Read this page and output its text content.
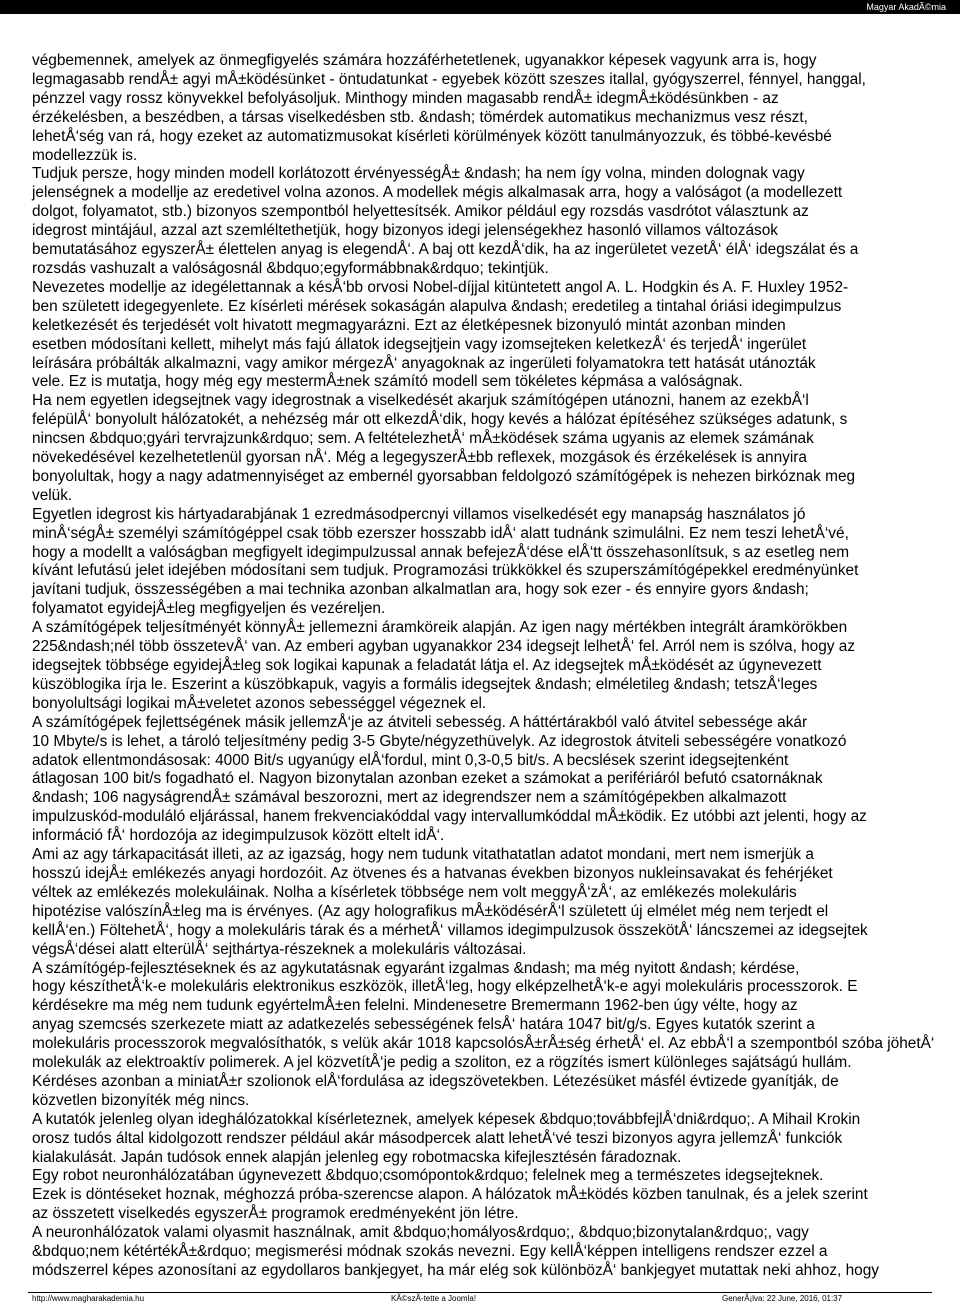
Magyar AkadÃ©mia

végbemennek, amelyek az önmegfigyelés számára hozzáférhetetlenek, ugyanakkor képesek vagyunk arra is, hogy

legmagasabb rendÅ± agyi mÅ±ködésünket - öntudatunkat - egyebek között szeszes itallal, gyógyszerrel, fénnyel, hanggal,

pénzzel vagy rossz könyvekkel befolyásoljuk. Minthogy minden magasabb rendÅ± idegmÅ±ködésünkben - az

érzékelésben, a beszédben, a társas viselkedésben stb. &ndash; tömérdek automatikus mechanizmus vesz részt,

lehetÅ‘ség van rá, hogy ezeket az automatizmusokat kísérleti körülmények között tanulmányozzuk, és többé-kevésbé

modellezzük is.

Tudjuk persze, hogy minden modell korlátozott érvényességÅ± &ndash; ha nem így volna, minden dolognak vagy

jelenségnek a modellje az eredetivel volna azonos. A modellek mégis alkalmasak arra, hogy a valóságot (a modellezett

dolgot, folyamatot, stb.) bizonyos szempontból helyettesítsék. Amikor például egy rozsdás vasdrótot választunk az

idegrost mintájául, azzal azt szemléltethetjük, hogy bizonyos idegi jelenségekhez hasonló villamos változások

bemutatásához egyszerÅ± élettelen anyag is elegendÅ‘. A baj ott kezdÅ‘dik, ha az ingerületet vezetÅ‘ élÅ‘ idegszálat és a

rozsdás vashuzalt a valóságosnál &bdquo;egyformábbnak&rdquo; tekintjük.

Nevezetes modellje az idegélettannak a késÅ‘bb orvosi Nobel-díjjal kitüntetett angol A. L. Hodgkin és A. F. Huxley 1952-

ben született idegegyenlete. Ez kísérleti mérések sokaságán alapulva &ndash; eredetileg a tintahal óriási idegimpulzus

keletkezését és terjedését volt hivatott megmagyarázni. Ezt az életképesnek bizonyuló mintát azonban minden

esetben módosítani kellett, mihelyt más fajú állatok idegsejtjein vagy izomsejteken keletkezÅ‘ és terjedÅ‘ ingerület

leírására próbálták alkalmazni, vagy amikor mérgezÅ‘ anyagoknak az ingerületi folyamatokra tett hatását utánozták

vele. Ez is mutatja, hogy még egy mestermÅ±nek számító modell sem tökéletes képmása a valóságnak.

Ha nem egyetlen idegsejtnek vagy idegrostnak a viselkedését akarjuk számítógépen utánozni, hanem az ezekbÅ‘l

felépülÅ‘ bonyolult hálózatokét, a nehézség már ott elkezdÅ‘dik, hogy kevés a hálózat építéséhez szükséges adatunk, s

nincsen &bdquo;gyári tervrajzunk&rdquo; sem. A feltételezhetÅ‘ mÅ±ködések száma ugyanis az elemek számának

növekedésével kezelhetetlenül gyorsan nÅ‘. Még a legegyszerÅ±bb reflexek, mozgások és érzékelések is annyira

bonyolultak, hogy a nagy adatmennyiséget az embernél gyorsabban feldolgozó számítógépek is nehezen birkóznak meg

velük.

Egyetlen idegrost kis hártyadarabjának 1 ezredmásodpercnyi villamos viselkedését egy manapság használatos jó

minÅ‘ségÅ± személyi számítógéppel csak több ezerszer hosszabb idÅ‘ alatt tudnánk szimulálni. Ez nem teszi lehetÅ‘vé,

hogy a modellt a valóságban megfigyelt idegimpulzussal annak befejezÅ‘dése elÅ‘tt összehasonlítsuk, s az esetleg nem

kívánt lefutású jelet idejében módosítani sem tudjuk. Programozási trükkökkel és szuperszámítógépekkel eredményünket

javítani tudjuk, összességében a mai technika azonban alkalmatlan ara, hogy sok ezer - és ennyire gyors &ndash;

folyamatot egyidejÅ±leg megfigyeljen és vezéreljen.

A számítógépek teljesítményét könnyÅ± jellemezni áramköreik alapján. Az igen nagy mértékben integrált áramkörökben

225&ndash;nél több összetevÅ‘ van. Az emberi agyban ugyanakkor 234 idegsejt lelhetÅ‘ fel. Arról nem is szólva, hogy az

idegsejtek többsége egyidejÅ±leg sok logikai kapunak a feladatát látja el. Az idegsejtek mÅ±ködését az úgynevezett

küszöblogika írja le. Eszerint a küszöbkapuk, vagyis a formális idegsejtek &ndash; elméletileg &ndash; tetszÅ‘leges

bonyolultsági logikai mÅ±veletet azonos sebességgel végeznek el.

A számítógépek fejlettségének másik jellemzÅ‘je az átviteli sebesség. A háttértárakból való átvitel sebessége akár

10 Mbyte/s is lehet, a tároló teljesítmény pedig 3-5 Gbyte/négyzethüvelyk. Az idegrostok átviteli sebességére vonatkozó

adatok ellentmondásosak: 4000 Bit/s ugyanúgy elÅ‘fordul, mint 0,3-0,5 bit/s. A becslések szerint idegsejtenként

átlagosan 100 bit/s fogadható el. Nagyon bizonytalan azonban ezeket a számokat a perifériáról befutó csatornáknak

&ndash; 106 nagyságrendÅ± számával beszorozni, mert az idegrendszer nem a számítógépekben alkalmazott

impulzuskód-moduláló eljárással, hanem frekvenciakóddal vagy intervallumkóddal mÅ±ködik. Ez utóbbi azt jelenti, hogy az

információ fÅ‘ hordozója az idegimpulzusok között eltelt idÅ‘.

Ami az agy tárkapacitását illeti, az az igazság, hogy nem tudunk vitathatatlan adatot mondani, mert nem ismerjük a

hosszú idejÅ± emlékezés anyagi hordozóit. Az ötvenes és a hatvanas években bizonyos nukleinsavakat és fehérjéket

véltek az emlékezés molekuláinak. Nolha a kísérletek többsége nem volt meggyÅ‘zÅ‘, az emlékezés molekuláris

hipotézise valószínÅ±leg ma is érvényes. (Az agy holografikus mÅ±ködésérÅ‘l született új elmélet még nem terjedt el

kellÅ‘en.) FöltehetÅ‘, hogy a molekuláris tárak és a mérhetÅ‘ villamos idegimpulzusok összekötÅ‘ láncszemei az idegsejtek

végsÅ‘dései alatt elterülÅ‘ sejthártya-részeknek a molekuláris változásai.

A számítógép-fejlesztéseknek és az agykutatásnak egyaránt izgalmas &ndash; ma még nyitott &ndash; kérdése,

hogy készíthetÅ‘k-e molekuláris elektronikus eszközök, illetÅ‘leg, hogy elképzelhetÅ‘k-e agyi molekuláris processzorok. E

kérdésekre ma még nem tudunk egyértelmÅ±en felelni. Mindenesetre Bremermann 1962-ben úgy vélte, hogy az

anyag szemcsés szerkezete miatt az adatkezelés sebességének felsÅ‘ határa 1047 bit/g/s. Egyes kutatók szerint a

molekuláris processzorok megvalósíthatók, s velük akár 1018 kapcsolósÅ±rÅ±ség érhetÅ‘ el. Az ebbÅ‘l a szempontból szóba jöhetÅ‘

molekulák az elektroaktív polimerek. A jel közvetítÅ‘je pedig a szoliton, ez a rögzítés ismert különleges sajátságú hullám.

Kérdéses azonban a miniatÅ±r szolionok elÅ‘fordulása az idegszövetekben. Létezésüket másfél évtizede gyanítják, de

közvetlen bizonyíték még nincs.

A kutatók jelenleg olyan ideghálózatokkal kísérleteznek, amelyek képesek &bdquo;továbbfejlÅ‘dni&rdquo;. A Mihail Krokin

orosz tudós által kidolgozott rendszer például akár másodpercek alatt lehetÅ‘vé teszi bizonyos agyra jellemzÅ‘ funkciók

kialakulását. Japán tudósok ennek alapján jelenleg egy robotmacska kifejlesztésén fáradoznak.

Egy robot neuronhálózatában úgynevezett &bdquo;csomópontok&rdquo; felelnek meg a természetes idegsejteknek.

Ezek is döntéseket hoznak, méghozzá próba-szerencse alapon. A hálózatok mÅ±ködés közben tanulnak, és a jelek szerint

az összetett viselkedés egyszerÅ± programok eredményeként jön létre.

A neuronhálózatok valami olyasmit használnak, amit &bdquo;homályos&rdquo;, &bdquo;bizonytalan&rdquo;, vagy

&bdquo;nem kétértékÅ±&rdquo; megismerési módnak szokás nevezni. Egy kellÅ‘képpen intelligens rendszer ezzel a

módszerrel képes azonosítani az egydollaros bankjegyet, ha már elég sok különbözÅ‘ bankjegyet mutattak neki ahhoz, hogy

http://www.magharakademia.hu	KÃ©szÃ-tette a Joomla!	GenerÃ¡lva: 22 June, 2016, 01:37
